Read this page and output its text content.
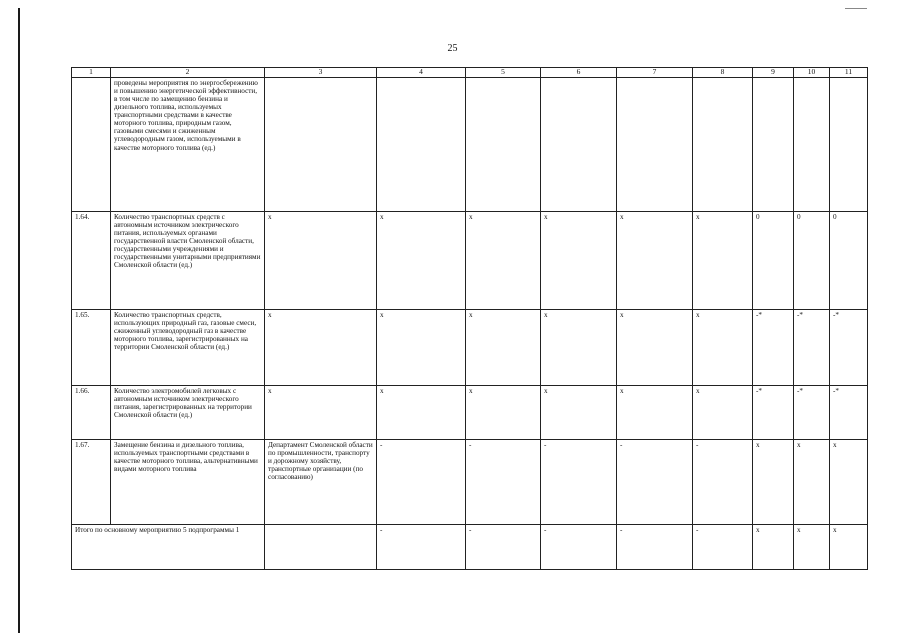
25
1	2	3	4	5	6	7	8	9	10	11
	проведены мероприятия по энергосбережению и повышению энергетической эффективности, в том числе по замещению бензина и дизельного топлива, используемых транспортными средствами в качестве моторного топлива, природным газом, газовыми смесями и сжиженным углеводородным газом, используемыми в качестве моторного топлива (ед.)									
1.64.	Количество транспортных средств с автономным источником электрического питания, используемых органами государственной власти Смоленской области, государственными учреждениями и государственными унитарными предприятиями Смоленской области (ед.)	x	x	x	x	x	x	0	0	0
1.65.	Количество транспортных средств, использующих природный газ, газовые смеси, сжиженный углеводородный газ в качестве моторного топлива, зарегистрированных на территории Смоленской области (ед.)	x	x	x	x	x	x	-*	-*	-*
1.66.	Количество электромобилей легковых с автономным источником электрического питания, зарегистрированных на территории Смоленской области (ед.)	x	x	x	x	x	x	-*	-*	-*
1.67.	Замещение бензина и дизельного топлива, используемых транспортными средствами в качестве моторного топлива, альтернативными видами моторного топлива	Департамент Смоленской области по промышленности, транспорту и дорожному хозяйству, транспортные организации (по согласованию)	-	-	-	-	-	x	x	x
Итого по основному мероприятию 5 подпрограммы 1			-	-	-	-	-	x	x	x
